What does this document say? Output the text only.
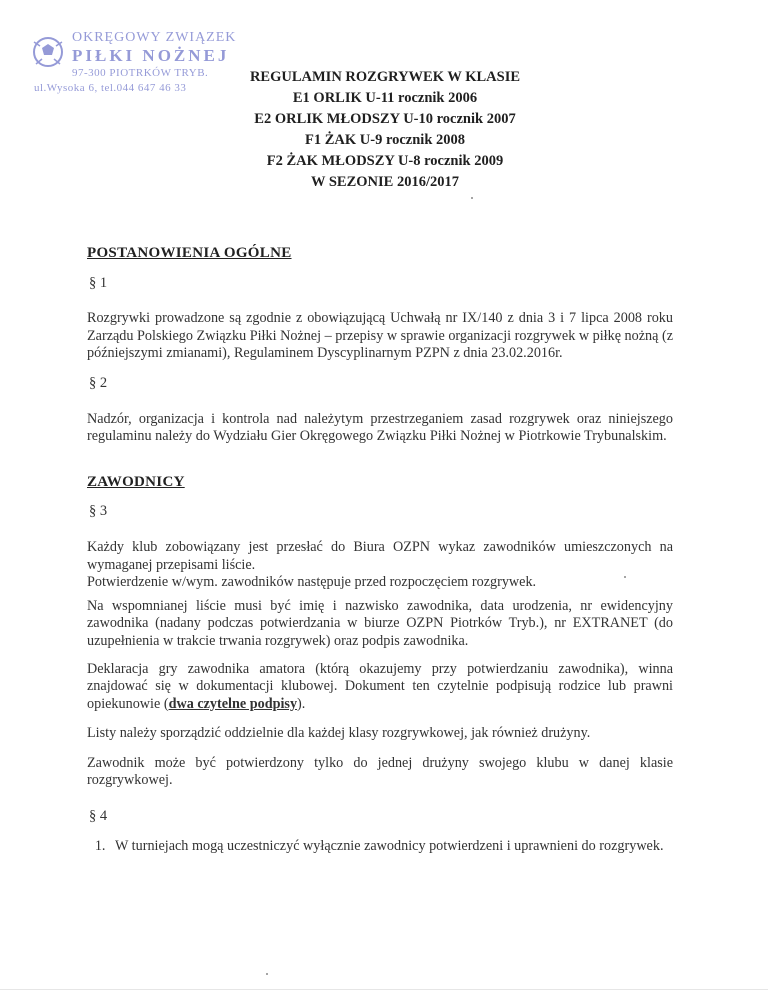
OKRĘGOWY ZWIĄZEK
PIŁKI NOŻNEJ
97-300 PIOTRKÓW TRYB.
ul.Wysoka 6, tel.044 647 46 33
REGULAMIN ROZGRYWEK W KLASIE
E1 ORLIK U-11 rocznik 2006
E2 ORLIK MŁODSZY U-10 rocznik 2007
F1 ŻAK U-9 rocznik 2008
F2 ŻAK MŁODSZY U-8 rocznik 2009
W SEZONIE 2016/2017
POSTANOWIENIA OGÓLNE
§ 1

Rozgrywki prowadzone są zgodnie z obowiązującą Uchwałą nr IX/140 z dnia 3 i 7 lipca 2008 roku Zarządu Polskiego Związku Piłki Nożnej – przepisy w sprawie organizacji rozgrywek w piłkę nożną (z późniejszymi zmianami), Regulaminem Dyscyplinarnym PZPN z dnia 23.02.2016r.

§ 2

Nadzór, organizacja i kontrola nad należytym przestrzeganiem zasad rozgrywek oraz niniejszego regulaminu należy do Wydziału Gier Okręgowego Związku Piłki Nożnej w Piotrkowie Trybunalskim.

ZAWODNICY
§ 3

Każdy klub zobowiązany jest przesłać do Biura OZPN wykaz zawodników umieszczonych na wymaganej przepisami liście.

Potwierdzenie w/wym. zawodników następuje przed rozpoczęciem rozgrywek.

Na wspomnianej liście musi być imię i nazwisko zawodnika, data urodzenia, nr ewidencyjny zawodnika (nadany podczas potwierdzania w biurze OZPN Piotrków Tryb.), nr EXTRANET (do uzupełnienia w trakcie trwania rozgrywek) oraz podpis zawodnika.

Deklaracja gry zawodnika amatora (którą okazujemy przy potwierdzaniu zawodnika), winna znajdować się w dokumentacji klubowej. Dokument ten czytelnie podpisują rodzice lub prawni opiekunowie (dwa czytelne podpisy).

Listy należy sporządzić oddzielnie dla każdej klasy rozgrywkowej, jak również drużyny.

Zawodnik może być potwierdzony tylko do jednej drużyny swojego klubu w danej klasie rozgrywkowej.

§ 4
1. W turniejach mogą uczestniczyć wyłącznie zawodnicy potwierdzeni i uprawnieni do rozgrywek.
